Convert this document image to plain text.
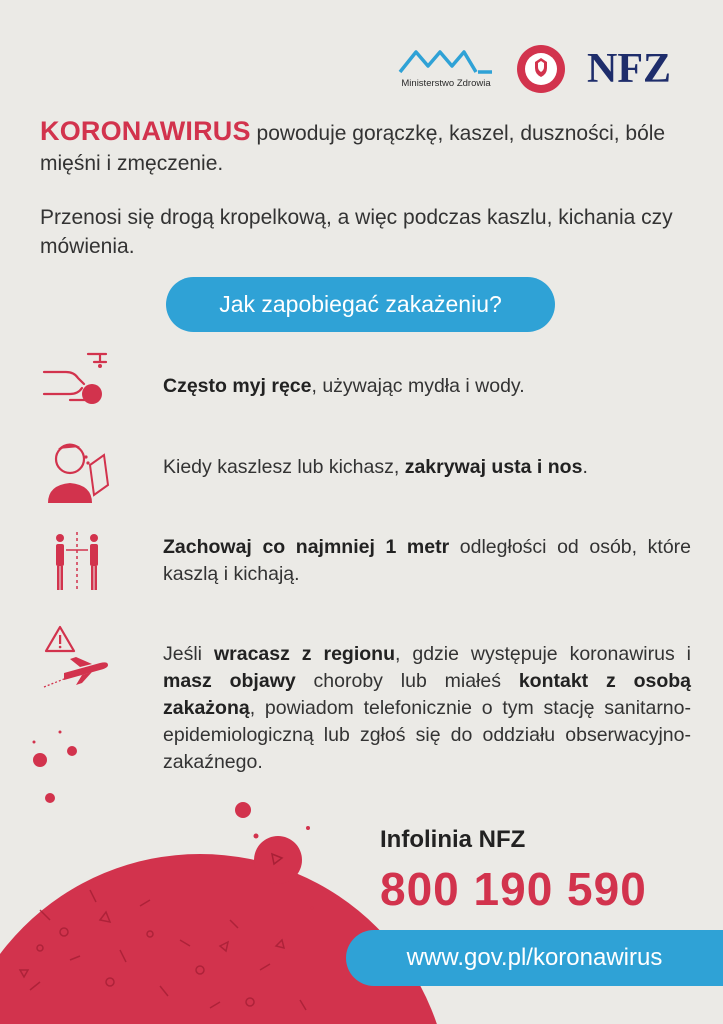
Ministerstwo Zdrowia NFZ
KORONAWIRUS powoduje gorączkę, kaszel, duszności, bóle mięśni i zmęczenie.
Przenosi się drogą kropelkową, a więc podczas kaszlu, kichania czy mówienia.
Jak zapobiegać zakażeniu?
Często myj ręce, używając mydła i wody.
Kiedy kaszlesz lub kichasz, zakrywaj usta i nos.
Zachowaj co najmniej 1 metr odległości od osób, które kaszlą i kichają.
Jeśli wracasz z regionu, gdzie występuje koronawirus i masz objawy choroby lub miałeś kontakt z osobą zakażoną, powiadom telefonicznie o tym stację sanitarno-epidemiologiczną lub zgłoś się do oddziału obserwacyjno-zakaźnego.
Infolinia NFZ
800 190 590
www.gov.pl/koronawirus
